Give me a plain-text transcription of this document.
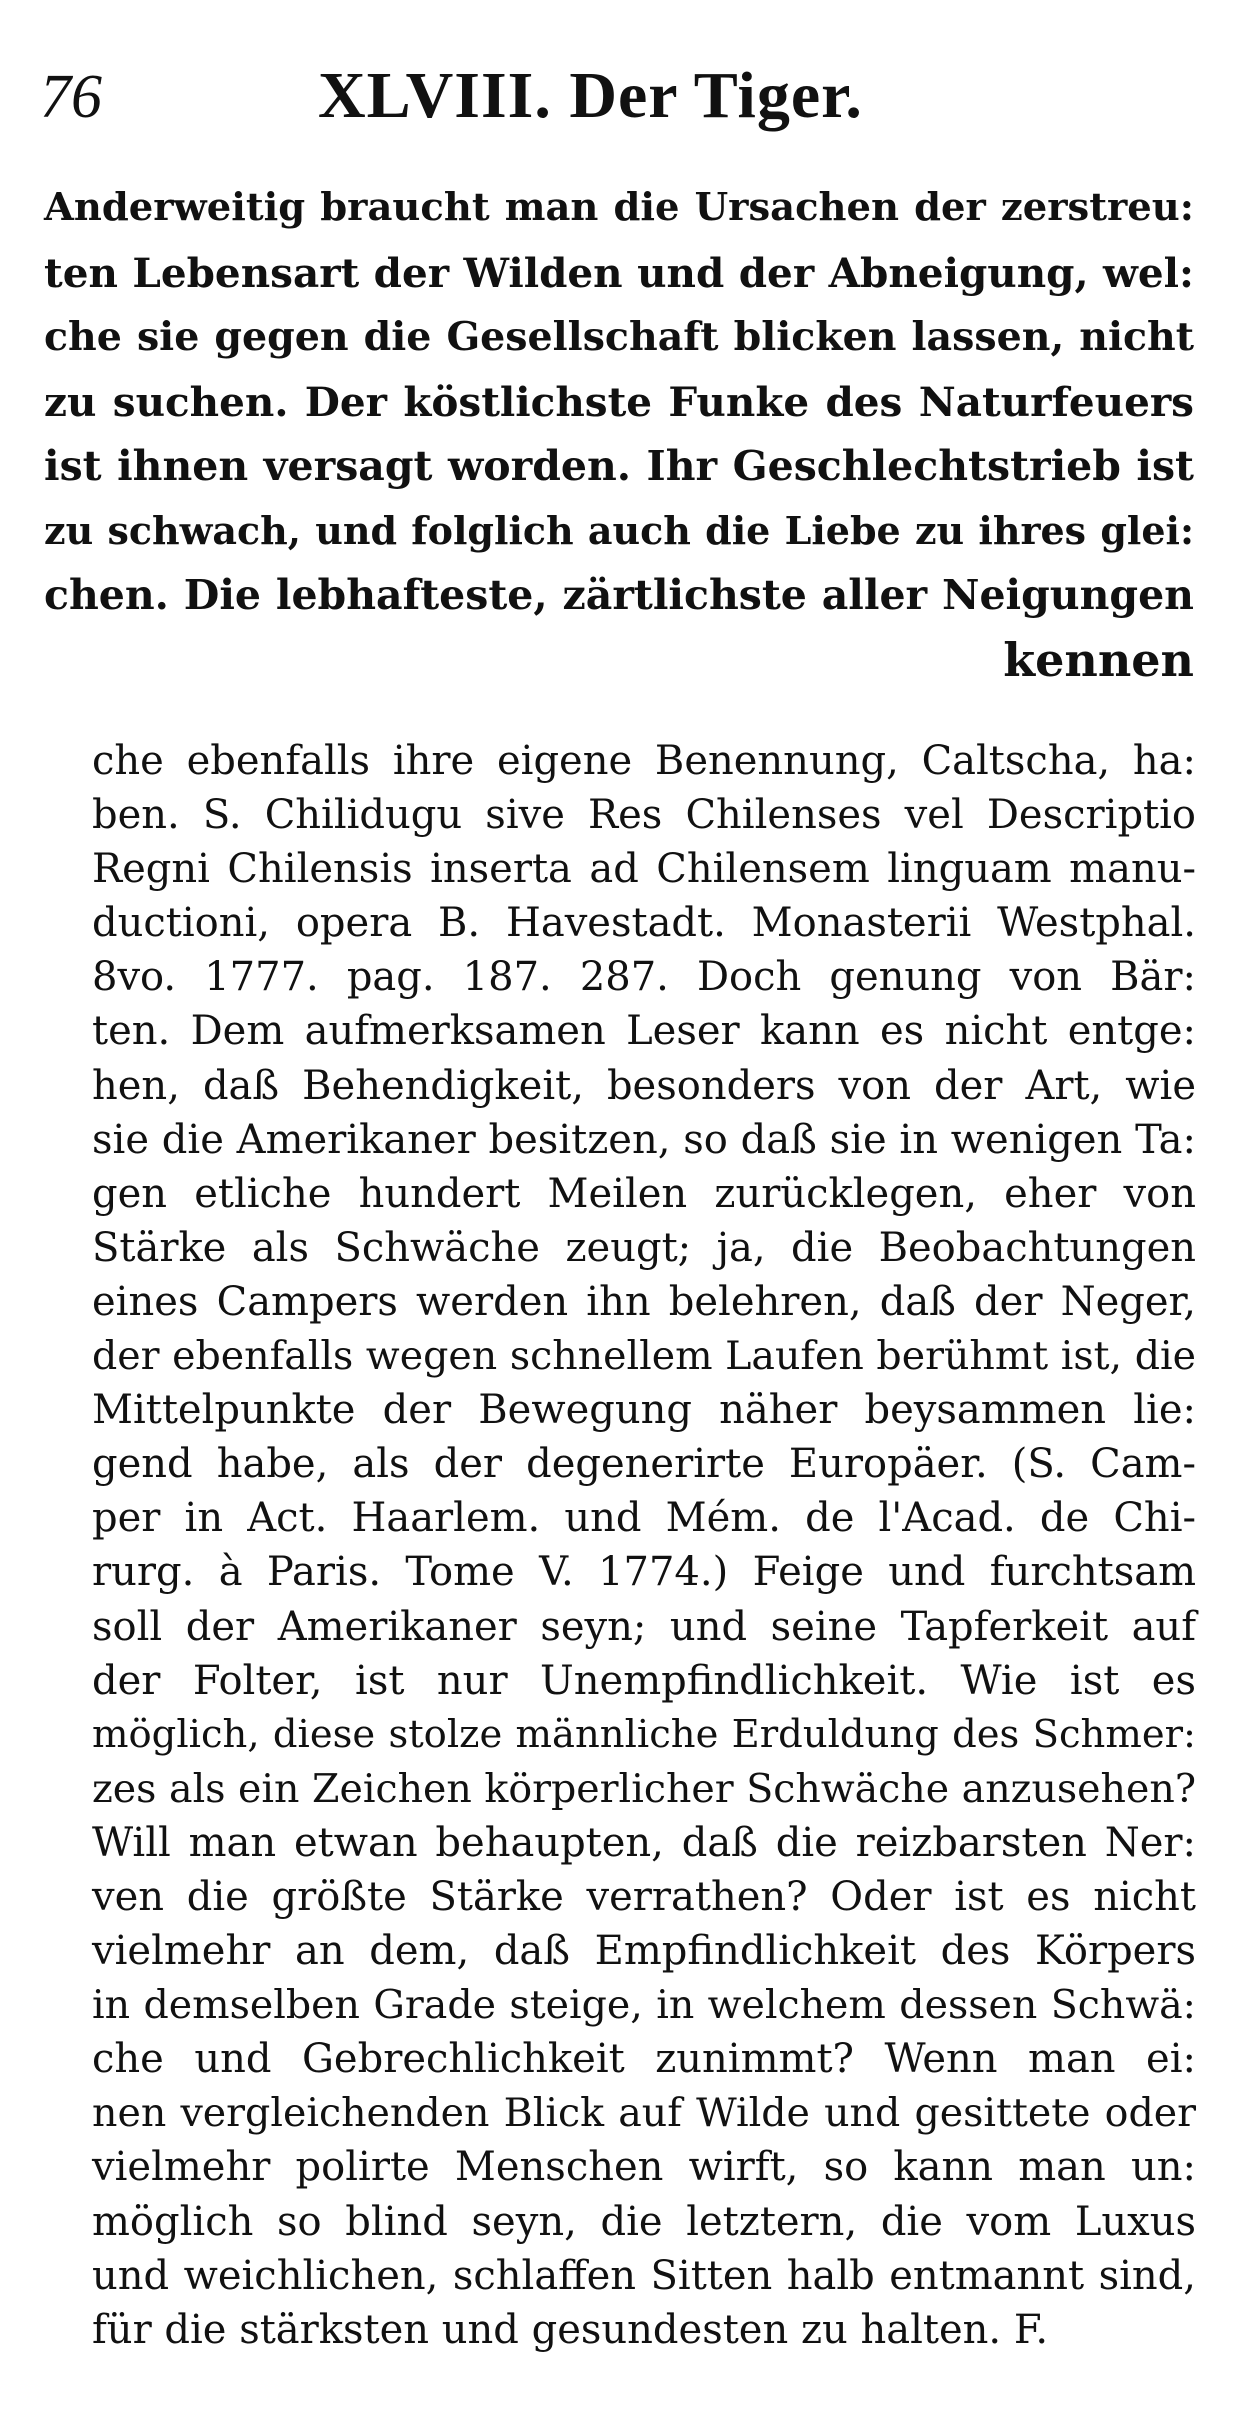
76	XLVIII. Der Tiger.
Anderweitig braucht man die Ursachen der zerstreu:
ten Lebensart der Wilden und der Abneigung, wel:
che sie gegen die Gesellschaft blicken lassen, nicht
zu suchen. Der köstlichste Funke des Naturfeuers
ist ihnen versagt worden. Ihr Geschlechtstrieb ist
zu schwach, und folglich auch die Liebe zu ihres glei:
chen. Die lebhafteste, zärtlichste aller Neigungen
kennen
che ebenfalls ihre eigene Benennung, Caltscha, ha:
ben. S. Chilidugu sive Res Chilenses vel Descriptio
Regni Chilensis inserta ad Chilensem linguam manu-
ductioni, opera B. Havestadt. Monasterii Westphal.
8vo. 1777. pag. 187. 287. Doch genung von Bär:
ten. Dem aufmerksamen Leser kann es nicht entge:
hen, daß Behendigkeit, besonders von der Art, wie
sie die Amerikaner besitzen, so daß sie in wenigen Ta:
gen etliche hundert Meilen zurücklegen, eher von
Stärke als Schwäche zeugt; ja, die Beobachtungen
eines Campers werden ihn belehren, daß der Neger,
der ebenfalls wegen schnellem Laufen berühmt ist, die
Mittelpunkte der Bewegung näher beysammen lie:
gend habe, als der degenerirte Europäer. (S. Cam-
per in Act. Haarlem. und Mém. de l'Acad. de Chi-
rurg. à Paris. Tome V. 1774.) Feige und furchtsam
soll der Amerikaner seyn; und seine Tapferkeit auf
der Folter, ist nur Unempfindlichkeit. Wie ist es
möglich, diese stolze männliche Erduldung des Schmer:
zes als ein Zeichen körperlicher Schwäche anzusehen?
Will man etwan behaupten, daß die reizbarsten Ner:
ven die größte Stärke verrathen? Oder ist es nicht
vielmehr an dem, daß Empfindlichkeit des Körpers
in demselben Grade steige, in welchem dessen Schwä:
che und Gebrechlichkeit zunimmt? Wenn man ei:
nen vergleichenden Blick auf Wilde und gesittete oder
vielmehr polirte Menschen wirft, so kann man un:
möglich so blind seyn, die letztern, die vom Luxus
und weichlichen, schlaffen Sitten halb entmannt sind,
für die stärksten und gesundesten zu halten. F.
